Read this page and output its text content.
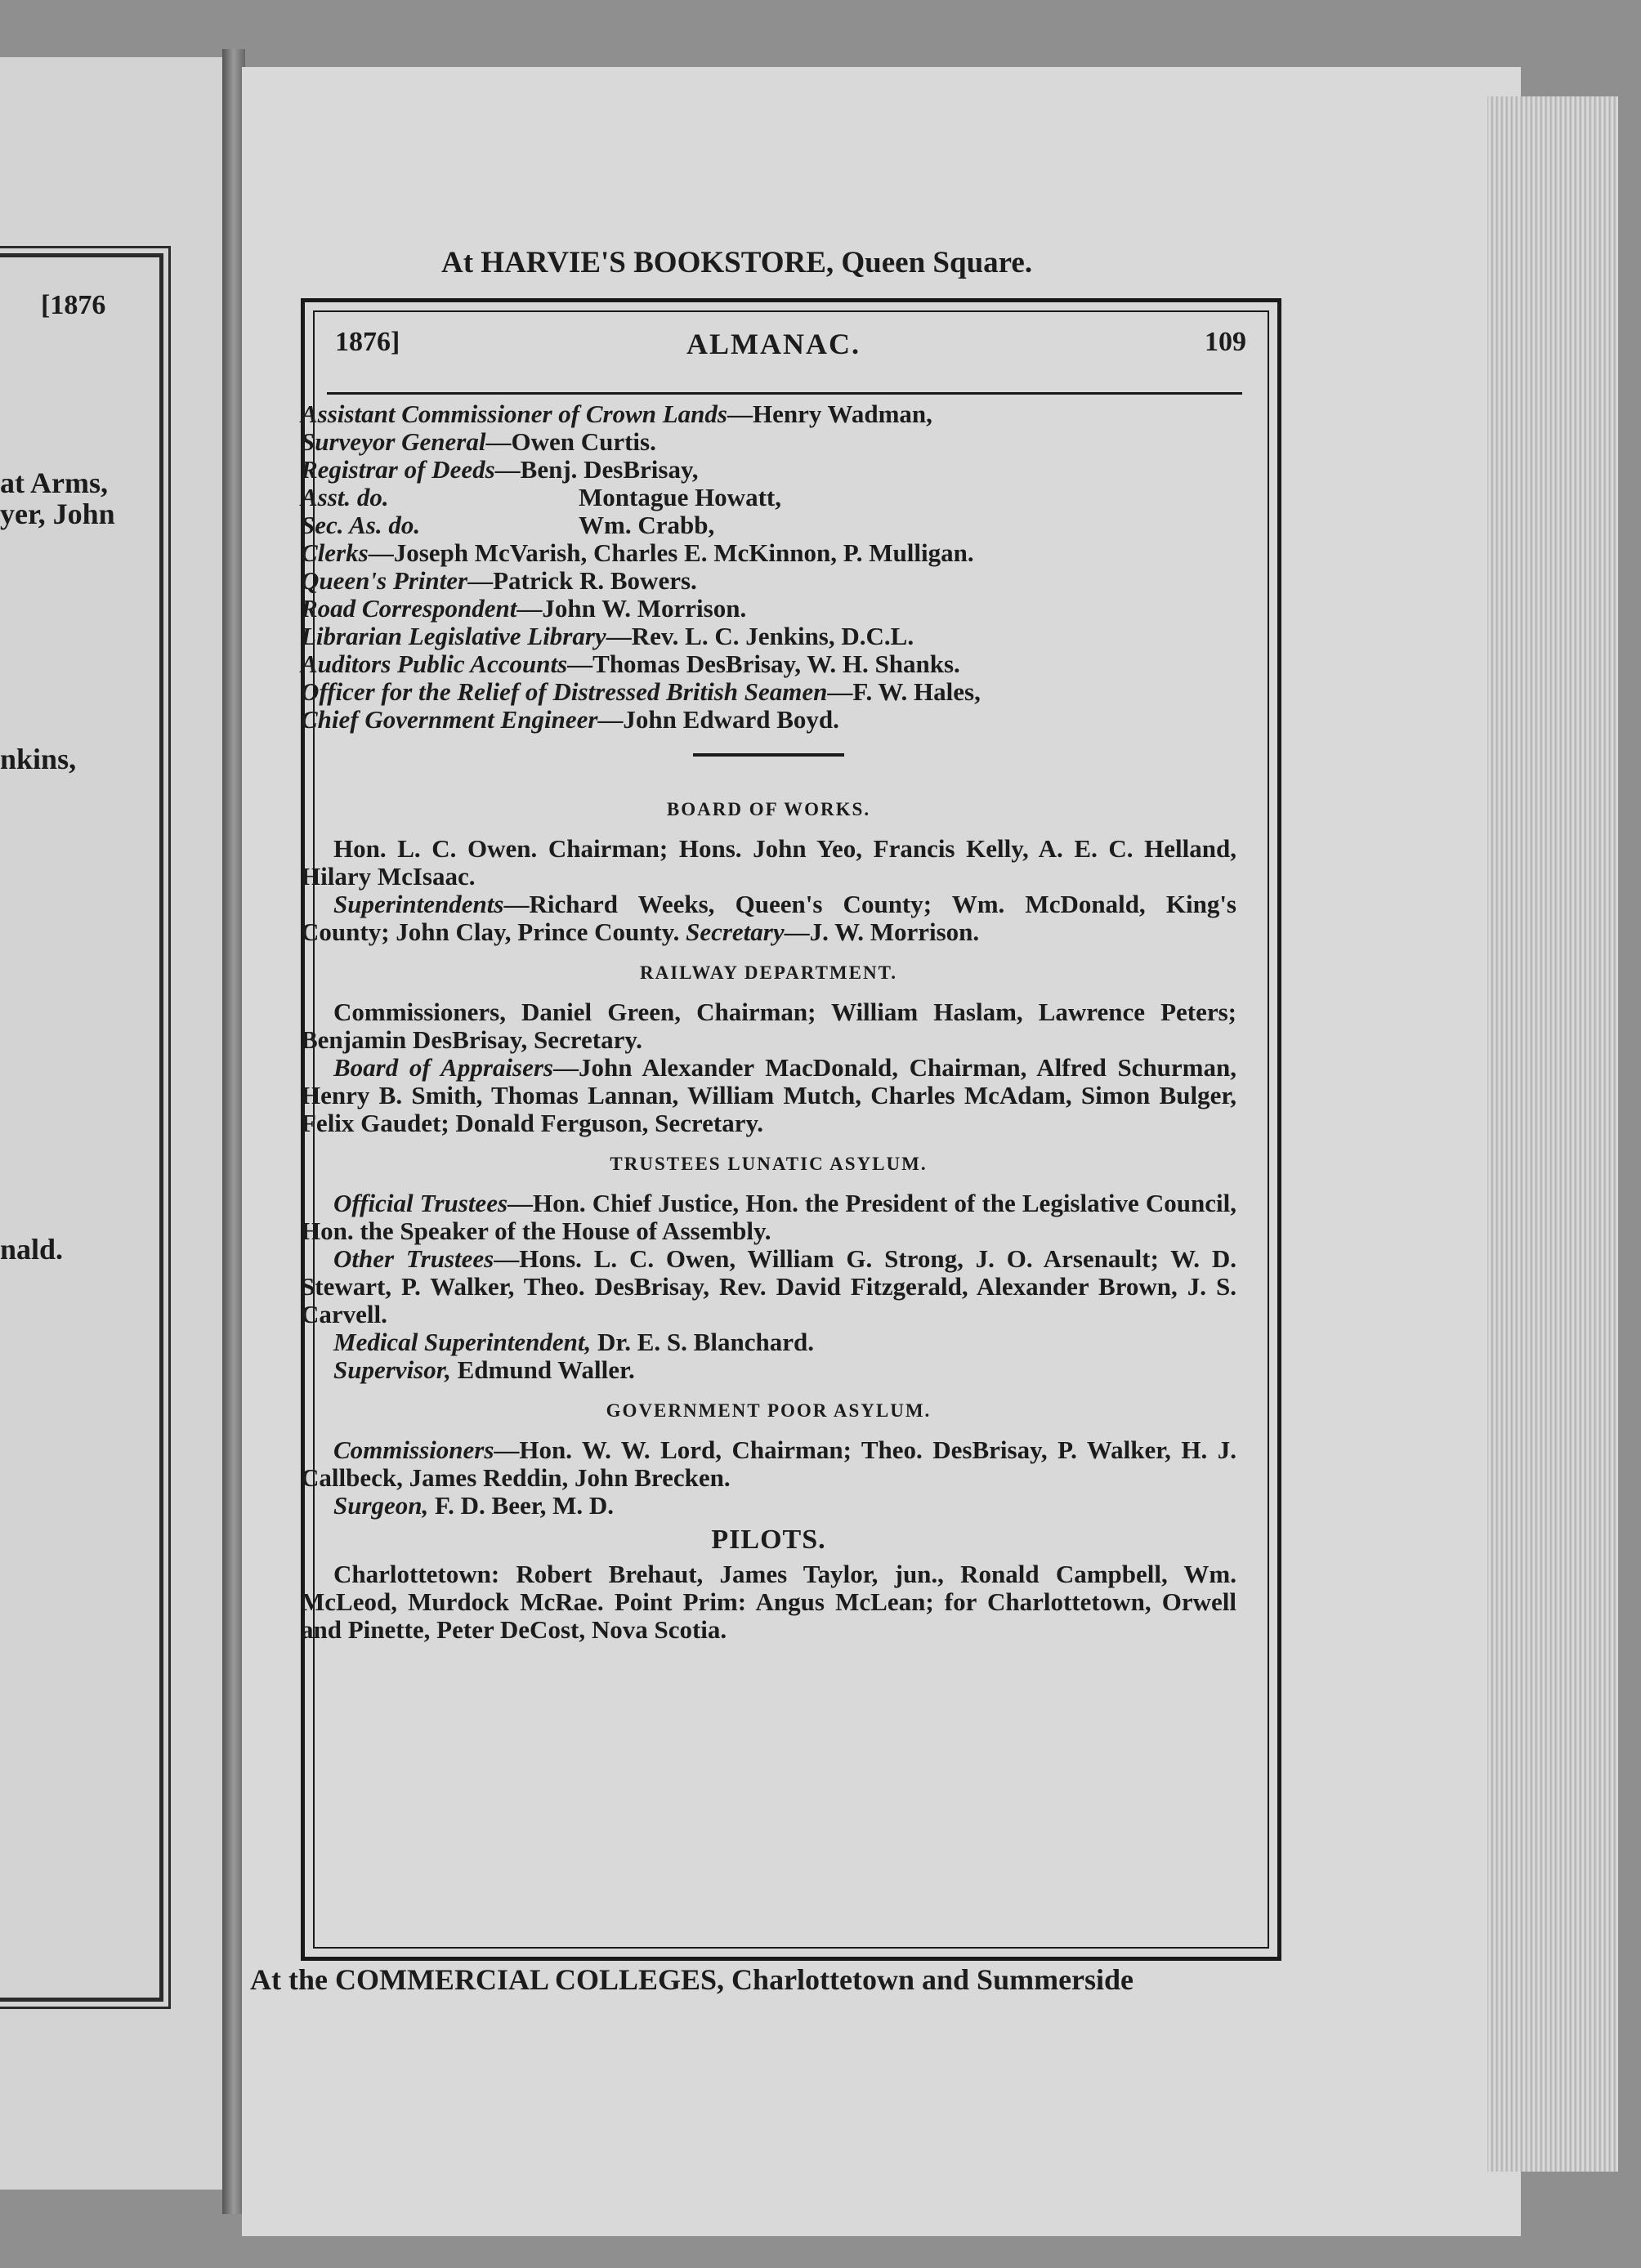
[1876
at Arms,
yer, John
nkins,
nald.
At HARVIE'S BOOKSTORE, Queen Square.
1876]	ALMANAC.	109
Assistant Commissioner of Crown Lands—Henry Wadman,
Surveyor General—Owen Curtis.
Registrar of Deeds—Benj. DesBrisay,
Asst. do.	Montague Howatt,
Sec. As. do.	Wm. Crabb,
Clerks—Joseph McVarish, Charles E. McKinnon, P. Mulligan.
Queen's Printer—Patrick R. Bowers.
Road Correspondent—John W. Morrison.
Librarian Legislative Library—Rev. L. C. Jenkins, D.C.L.
Auditors Public Accounts—Thomas DesBrisay, W. H. Shanks.
Officer for the Relief of Distressed British Seamen—F. W. Hales,
Chief Government Engineer—John Edward Boyd.
BOARD OF WORKS.
Hon. L. C. Owen. Chairman; Hons. John Yeo, Francis Kelly, A. E. C. Helland, Hilary McIsaac.
Superintendents—Richard Weeks, Queen's County; Wm. McDonald, King's County; John Clay, Prince County. Secretary—J. W. Morrison.
RAILWAY DEPARTMENT.
Commissioners, Daniel Green, Chairman; William Haslam, Lawrence Peters; Benjamin DesBrisay, Secretary.
Board of Appraisers—John Alexander MacDonald, Chairman, Alfred Schurman, Henry B. Smith, Thomas Lannan, William Mutch, Charles McAdam, Simon Bulger, Felix Gaudet; Donald Ferguson, Secretary.
TRUSTEES LUNATIC ASYLUM.
Official Trustees—Hon. Chief Justice, Hon. the President of the Legislative Council, Hon. the Speaker of the House of Assembly.
Other Trustees—Hons. L. C. Owen, William G. Strong, J. O. Arsenault; W. D. Stewart, P. Walker, Theo. DesBrisay, Rev. David Fitzgerald, Alexander Brown, J. S. Carvell.
Medical Superintendent, Dr. E. S. Blanchard.
Supervisor, Edmund Waller.
GOVERNMENT POOR ASYLUM.
Commissioners—Hon. W. W. Lord, Chairman; Theo. DesBrisay, P. Walker, H. J. Callbeck, James Reddin, John Brecken.
Surgeon, F. D. Beer, M. D.
PILOTS.
Charlottetown: Robert Brehaut, James Taylor, jun., Ronald Campbell, Wm. McLeod, Murdock McRae. Point Prim: Angus McLean; for Charlottetown, Orwell and Pinette, Peter DeCost, Nova Scotia.
At the COMMERCIAL COLLEGES, Charlottetown and Summerside
